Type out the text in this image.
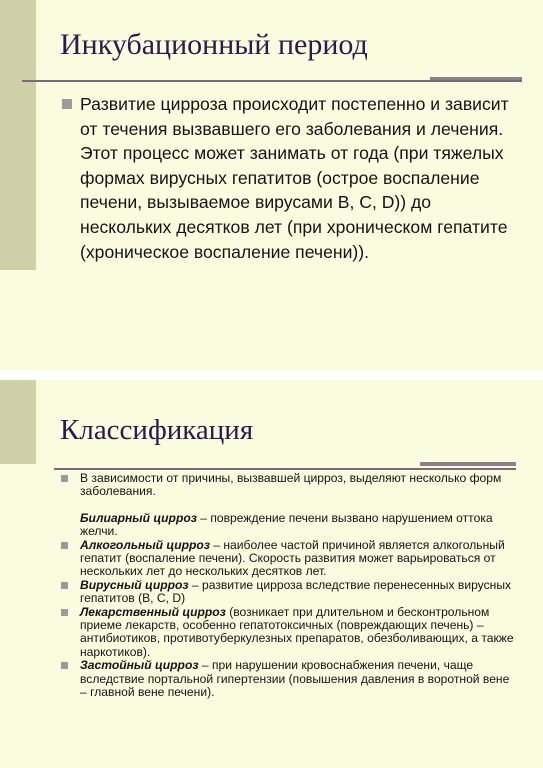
Инкубационный период

Развитие цирроза происходит постепенно и зависит от течения вызвавшего его заболевания и лечения. Этот процесс может занимать от года (при тяжелых формах вирусных гепатитов (острое воспаление печени, вызываемое вирусами B, C, D)) до нескольких десятков лет (при хроническом гепатите (хроническое воспаление печени)).

Классификация
В зависимости от причины, вызвавшей цирроз, выделяют несколько форм заболевания.
Билиарный цирроз – повреждение печени вызвано нарушением оттока желчи.
Алкогольный цирроз – наиболее частой причиной является алкогольный гепатит (воспаление печени). Скорость развития может варьироваться от нескольких лет до нескольких десятков лет.
Вирусный цирроз – развитие цирроза вследствие перенесенных вирусных гепатитов (B, C, D)
Лекарственный цирроз (возникает при длительном и бесконтрольном приеме лекарств, особенно гепатотоксичных (повреждающих печень) – антибиотиков, противотуберкулезных препаратов, обезболивающих, а также наркотиков).
Застойный цирроз – при нарушении кровоснабжения печени, чаще вследствие портальной гипертензии (повышения давления в воротной вене – главной вене печени).
